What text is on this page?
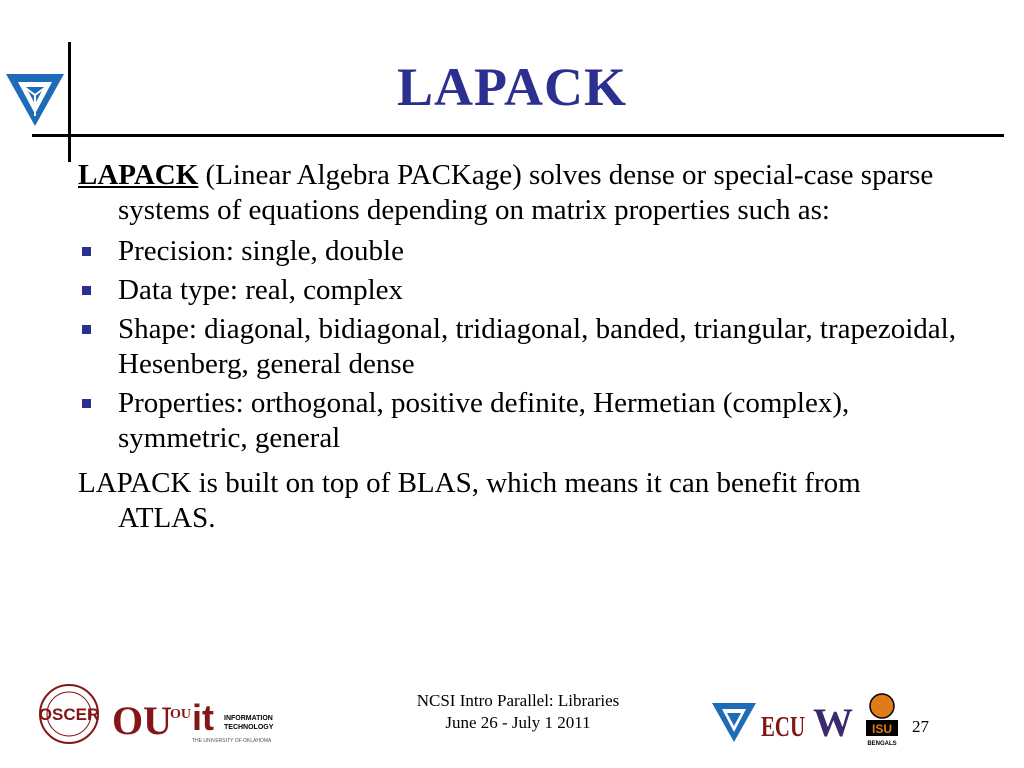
LAPACK

LAPACK (Linear Algebra PACKage) solves dense or special-case sparse systems of equations depending on matrix properties such as:

Precision: single, double
Data type: real, complex
Shape: diagonal, bidiagonal, tridiagonal, banded, triangular, trapezoidal, Hesenberg, general dense
Properties: orthogonal, positive definite, Hermetian (complex), symmetric, general

LAPACK is built on top of BLAS, which means it can benefit from ATLAS.

OSCER OU
OU it INFORMATION
TECHNOLOGY
THE UNIVERSITY OF OKLAHOMA
NCSI Intro Parallel: Libraries
June 26 - July 1 2011	ECU W ISU
BENGALS
27
